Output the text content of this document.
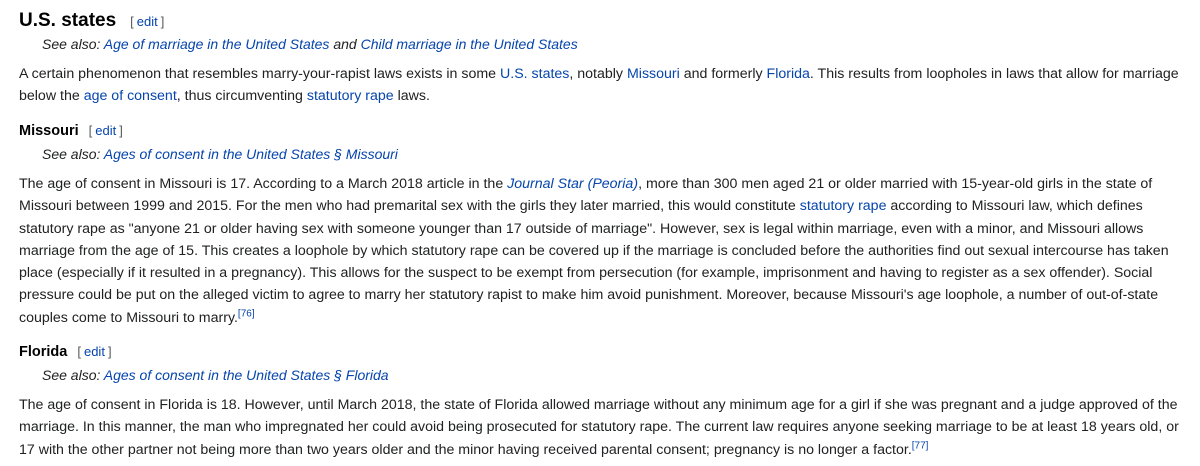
U.S. states [ edit ]
See also: Age of marriage in the United States and Child marriage in the United States

A certain phenomenon that resembles marry-your-rapist laws exists in some U.S. states, notably Missouri and formerly Florida. This results from loopholes in laws that allow for marriage below the age of consent, thus circumventing statutory rape laws.

Missouri [ edit ]
See also: Ages of consent in the United States § Missouri

The age of consent in Missouri is 17. According to a March 2018 article in the Journal Star (Peoria), more than 300 men aged 21 or older married with 15-year-old girls in the state of Missouri between 1999 and 2015. For the men who had premarital sex with the girls they later married, this would constitute statutory rape according to Missouri law, which defines statutory rape as "anyone 21 or older having sex with someone younger than 17 outside of marriage". However, sex is legal within marriage, even with a minor, and Missouri allows marriage from the age of 15. This creates a loophole by which statutory rape can be covered up if the marriage is concluded before the authorities find out sexual intercourse has taken place (especially if it resulted in a pregnancy). This allows for the suspect to be exempt from persecution (for example, imprisonment and having to register as a sex offender). Social pressure could be put on the alleged victim to agree to marry her statutory rapist to make him avoid punishment. Moreover, because Missouri's age loophole, a number of out-of-state couples come to Missouri to marry.[76]

Florida [ edit ]
See also: Ages of consent in the United States § Florida

The age of consent in Florida is 18. However, until March 2018, the state of Florida allowed marriage without any minimum age for a girl if she was pregnant and a judge approved of the marriage. In this manner, the man who impregnated her could avoid being prosecuted for statutory rape. The current law requires anyone seeking marriage to be at least 18 years old, or 17 with the other partner not being more than two years older and the minor having received parental consent; pregnancy is no longer a factor.[77]
